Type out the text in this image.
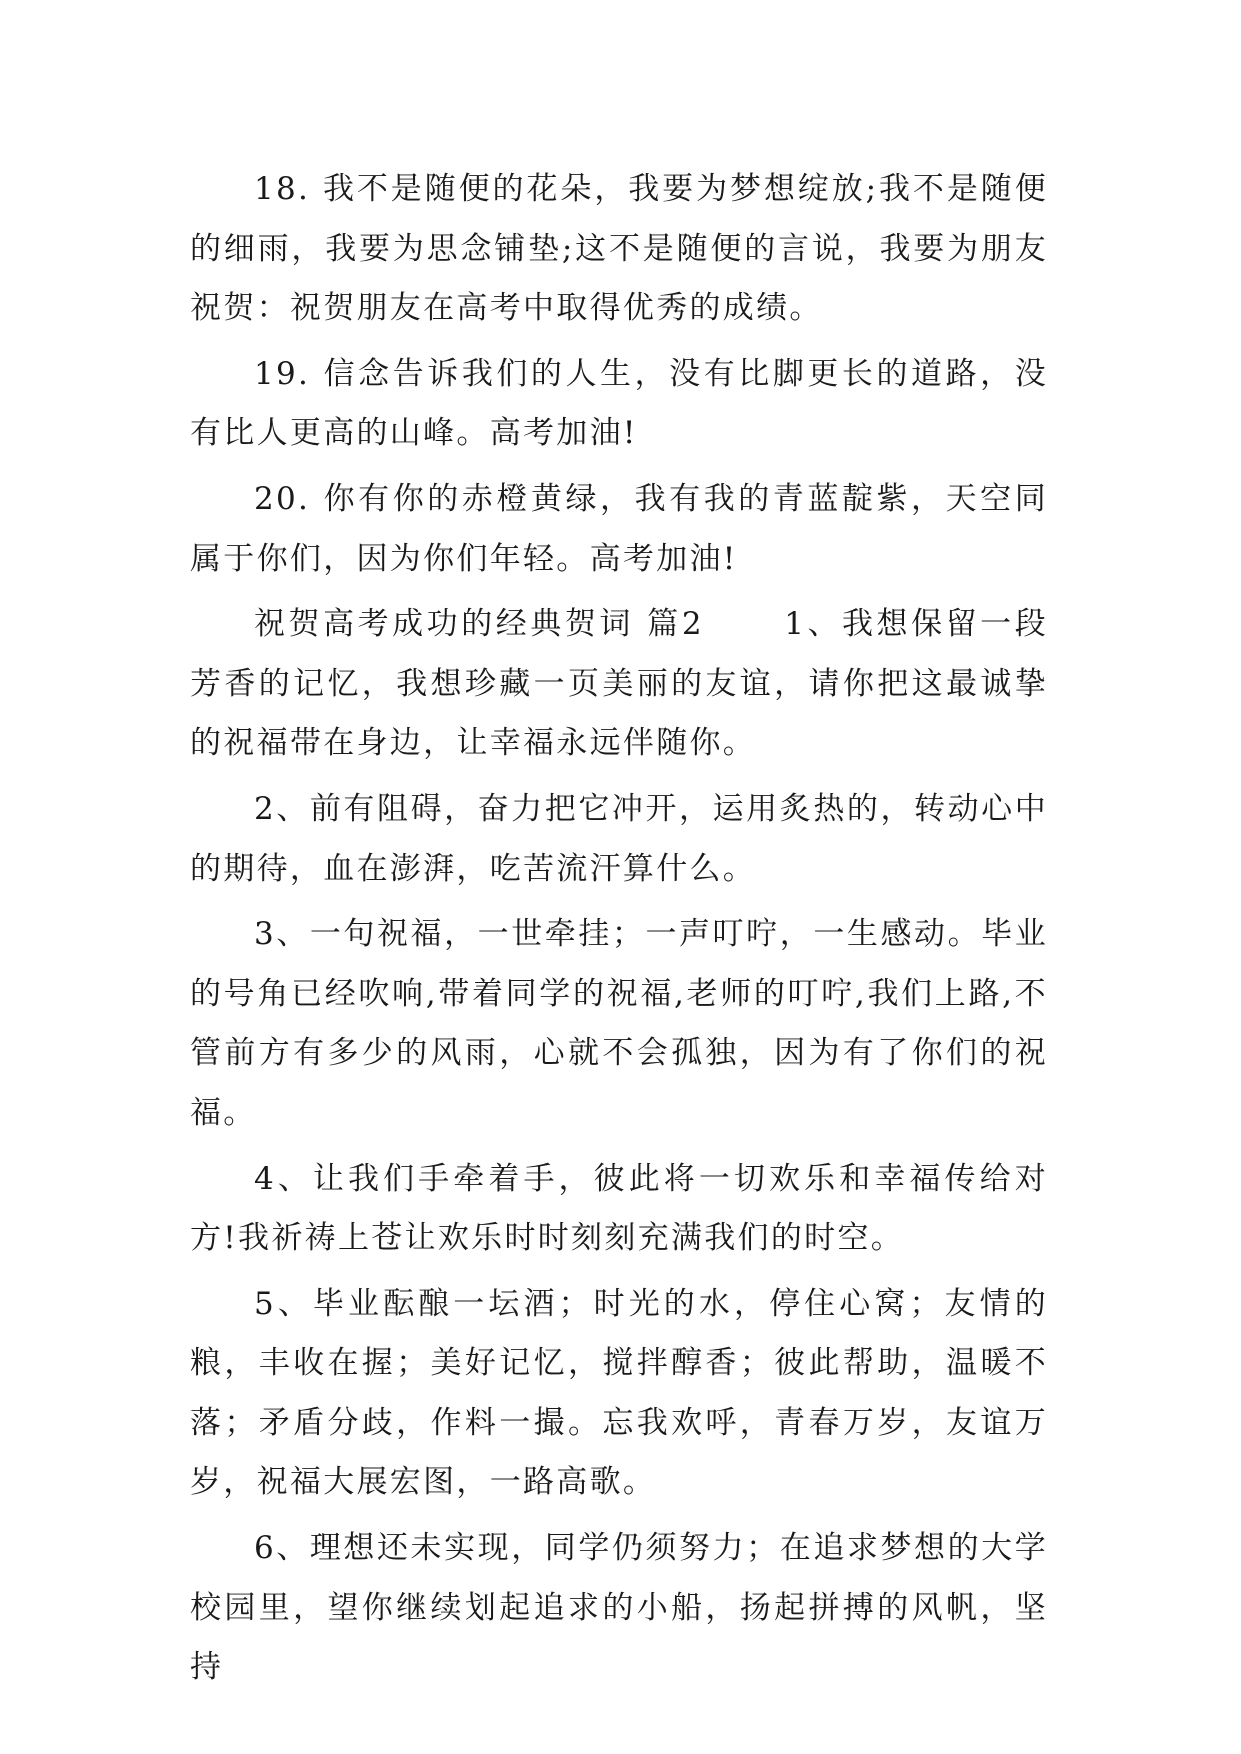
18. 我不是随便的花朵，我要为梦想绽放;我不是随便的细雨，我要为思念铺垫;这不是随便的言说，我要为朋友祝贺：祝贺朋友在高考中取得优秀的成绩。

19. 信念告诉我们的人生，没有比脚更长的道路，没有比人更高的山峰。高考加油!

20. 你有你的赤橙黄绿，我有我的青蓝靛紫，天空同属于你们，因为你们年轻。高考加油!

祝贺高考成功的经典贺词 篇2      1、我想保留一段芳香的记忆，我想珍藏一页美丽的友谊，请你把这最诚挚的祝福带在身边，让幸福永远伴随你。

2、前有阻碍，奋力把它冲开，运用炙热的，转动心中的期待，血在澎湃，吃苦流汗算什么。

3、一句祝福，一世牵挂；一声叮咛，一生感动。毕业的号角已经吹响,带着同学的祝福,老师的叮咛,我们上路,不管前方有多少的风雨，心就不会孤独，因为有了你们的祝福。

4、让我们手牵着手，彼此将一切欢乐和幸福传给对方!我祈祷上苍让欢乐时时刻刻充满我们的时空。

5、毕业酝酿一坛酒；时光的水，停住心窝；友情的粮，丰收在握；美好记忆，搅拌醇香；彼此帮助，温暖不落；矛盾分歧，作料一撮。忘我欢呼，青春万岁，友谊万岁，祝福大展宏图，一路高歌。

6、理想还未实现，同学仍须努力；在追求梦想的大学校园里，望你继续划起追求的小船，扬起拼搏的风帆，坚持
